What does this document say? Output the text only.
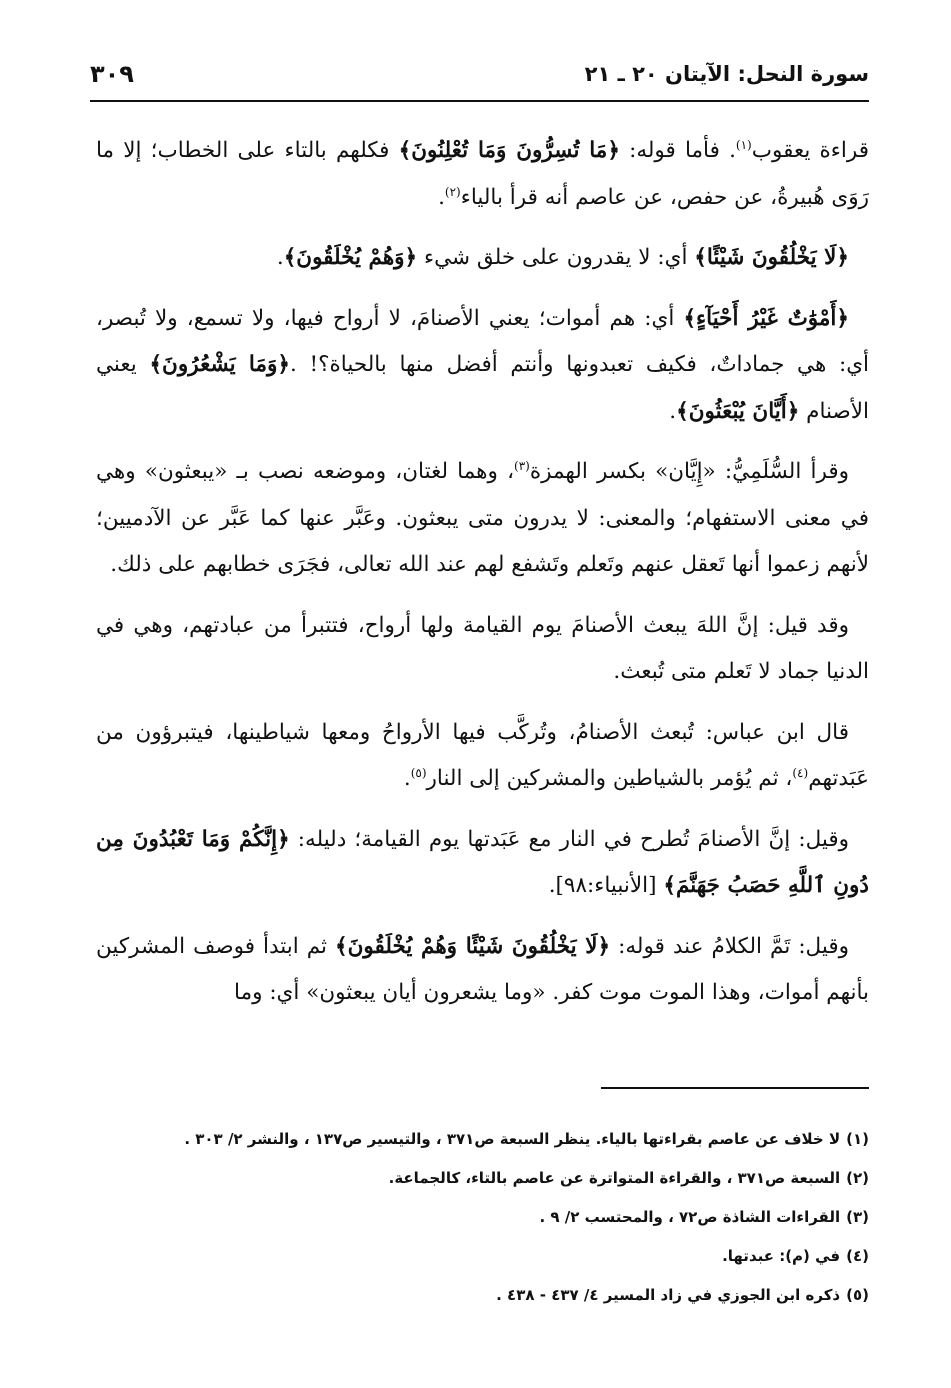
سورة النحل: الآيتان ٢٠ ـ ٢١
٣٠٩

قراءة يعقوب$^{(١)}$. فأما قوله: ﴿مَا تُسِرُّونَ وَمَا تُعْلِنُونَ﴾ فكلهم بالتاء على الخطاب؛ إلا ما رَوَى هُبيرةُ، عن حفص، عن عاصم أنه قرأ بالياء$^{(٢)}$.

﴿لَا يَخْلُقُونَ شَيْئًا﴾ أي: لا يقدرون على خلق شيء ﴿وَهُمْ يُخْلَقُونَ﴾.

﴿أَمْوَٰتٌ غَيْرُ أَحْيَآءٍ﴾ أي: هم أموات؛ يعني الأصنامَ، لا أرواح فيها، ولا تسمع، ولا تُبصر، أي: هي جماداتٌ، فكيف تعبدونها وأنتم أفضل منها بالحياة؟! .﴿وَمَا يَشْعُرُونَ﴾ يعني الأصنام ﴿أَيَّانَ يُبْعَثُونَ﴾.

وقرأ السُّلَمِيُّ: «إِيَّان» بكسر الهمزة$^{(٣)}$، وهما لغتان، وموضعه نصب بـ «يبعثون» وهي في معنى الاستفهام؛ والمعنى: لا يدرون متى يبعثون. وعَبَّر عنها كما عَبَّر عن الآدميين؛ لأنهم زعموا أنها تَعقل عنهم وتَعلم وتَشفع لهم عند الله تعالى، فجَرَى خطابهم على ذلك.

وقد قيل: إنَّ اللهَ يبعث الأصنامَ يوم القيامة ولها أرواح، فتتبرأ من عبادتهم، وهي في الدنيا جماد لا تَعلم متى تُبعث.

قال ابن عباس: تُبعث الأصنامُ، وتُركَّب فيها الأرواحُ ومعها شياطينها، فيتبرؤون من عَبَدتهم$^{(٤)}$، ثم يُؤمر بالشياطين والمشركين إلى النار$^{(٥)}$.

وقيل: إنَّ الأصنامَ تُطرح في النار مع عَبَدتها يوم القيامة؛ دليله: ﴿إِنَّكُمْ وَمَا تَعْبُدُونَ مِن دُونِ ٱللَّهِ حَصَبُ جَهَنَّمَ﴾ [الأنبياء:٩٨].

وقيل: تَمَّ الكلامُ عند قوله: ﴿لَا يَخْلُقُونَ شَيْئًا وَهُمْ يُخْلَقُونَ﴾ ثم ابتدأ فوصف المشركين بأنهم أموات، وهذا الموت موت كفر. «وما يشعرون أيان يبعثون» أي: وما

(١)لا خلاف عن عاصم بقراءتها بالياء. ينظر السبعة ص٣٧١ ، والتيسير ص١٣٧ ، والنشر ٢/ ٣٠٣ .
(٢)السبعة ص٣٧١ ، والقراءة المتواترة عن عاصم بالتاء، كالجماعة.
(٣)القراءات الشاذة ص٧٢ ، والمحتسب ٢/ ٩ .
(٤)في (م): عبدتها.
(٥)ذكره ابن الجوزي في زاد المسير ٤/ ٤٣٧ - ٤٣٨ .
